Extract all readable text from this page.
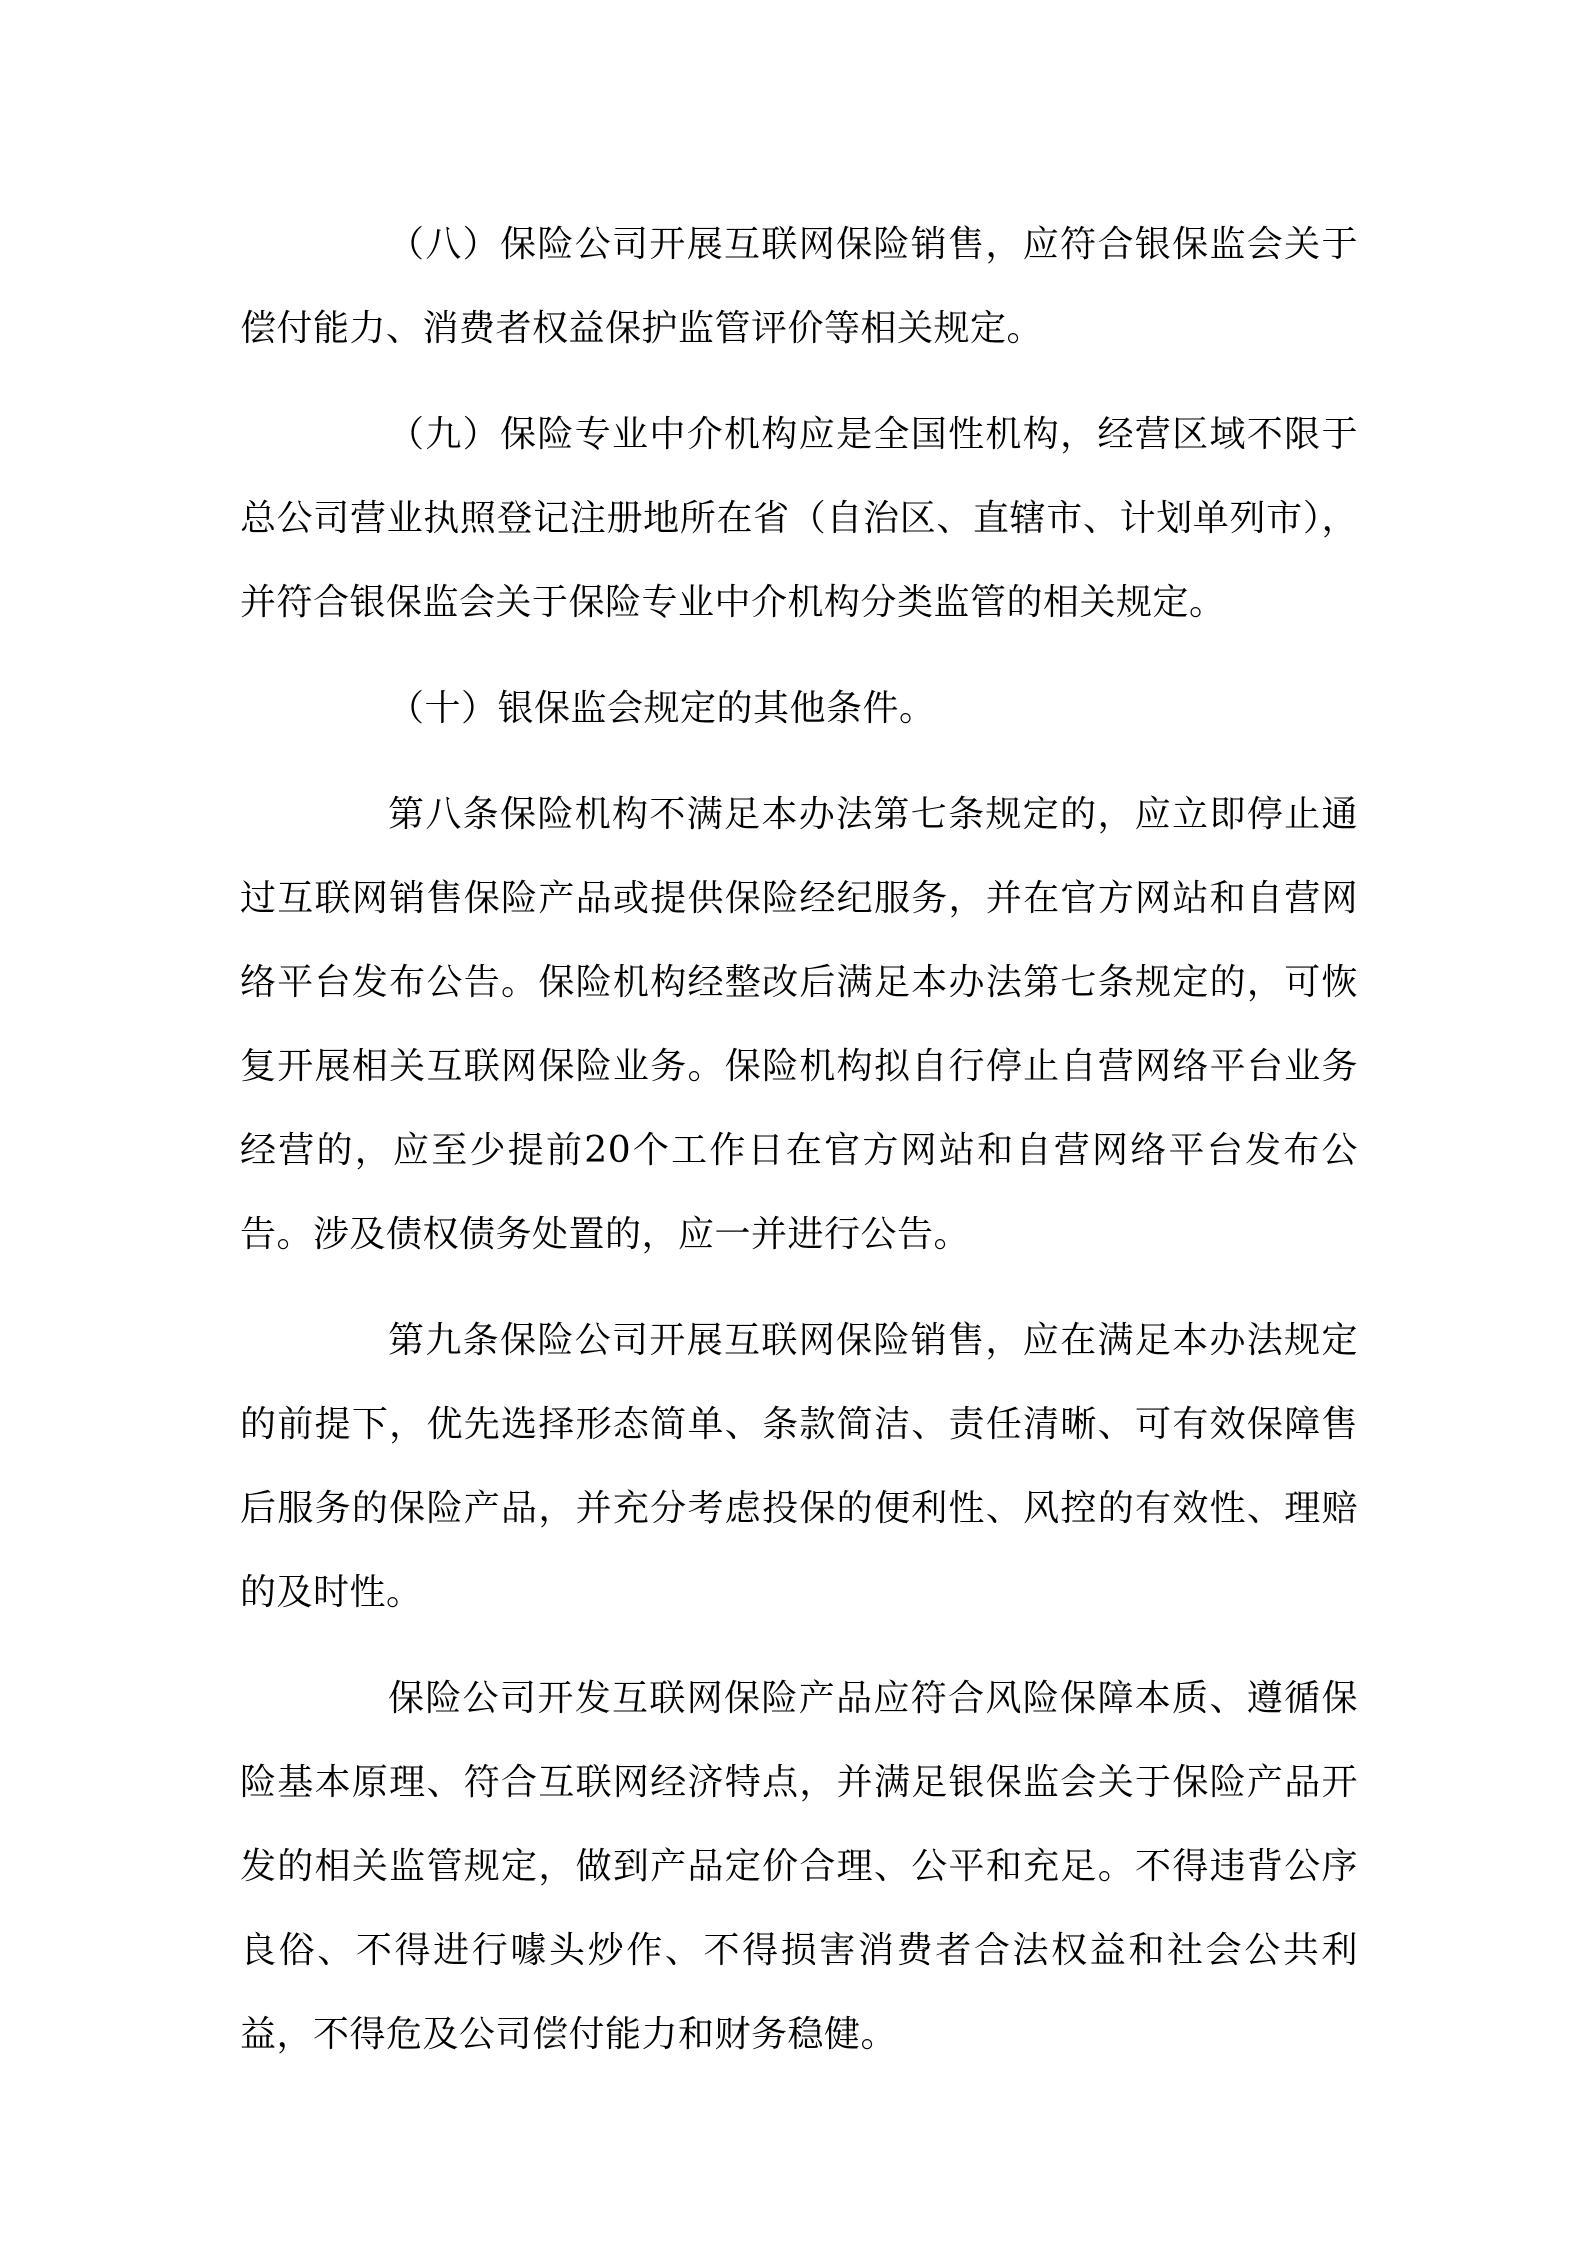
（八）保险公司开展互联网保险销售，应符合银保监会关于偿付能力、消费者权益保护监管评价等相关规定。

（九）保险专业中介机构应是全国性机构，经营区域不限于总公司营业执照登记注册地所在省（自治区、直辖市、计划单列市），并符合银保监会关于保险专业中介机构分类监管的相关规定。

（十）银保监会规定的其他条件。

第八条保险机构不满足本办法第七条规定的，应立即停止通过互联网销售保险产品或提供保险经纪服务，并在官方网站和自营网络平台发布公告。保险机构经整改后满足本办法第七条规定的，可恢复开展相关互联网保险业务。保险机构拟自行停止自营网络平台业务经营的，应至少提前20个工作日在官方网站和自营网络平台发布公告。涉及债权债务处置的，应一并进行公告。

第九条保险公司开展互联网保险销售，应在满足本办法规定的前提下，优先选择形态简单、条款简洁、责任清晰、可有效保障售后服务的保险产品，并充分考虑投保的便利性、风控的有效性、理赔的及时性。

保险公司开发互联网保险产品应符合风险保障本质、遵循保险基本原理、符合互联网经济特点，并满足银保监会关于保险产品开发的相关监管规定，做到产品定价合理、公平和充足。不得违背公序良俗、不得进行噱头炒作、不得损害消费者合法权益和社会公共利益，不得危及公司偿付能力和财务稳健。
